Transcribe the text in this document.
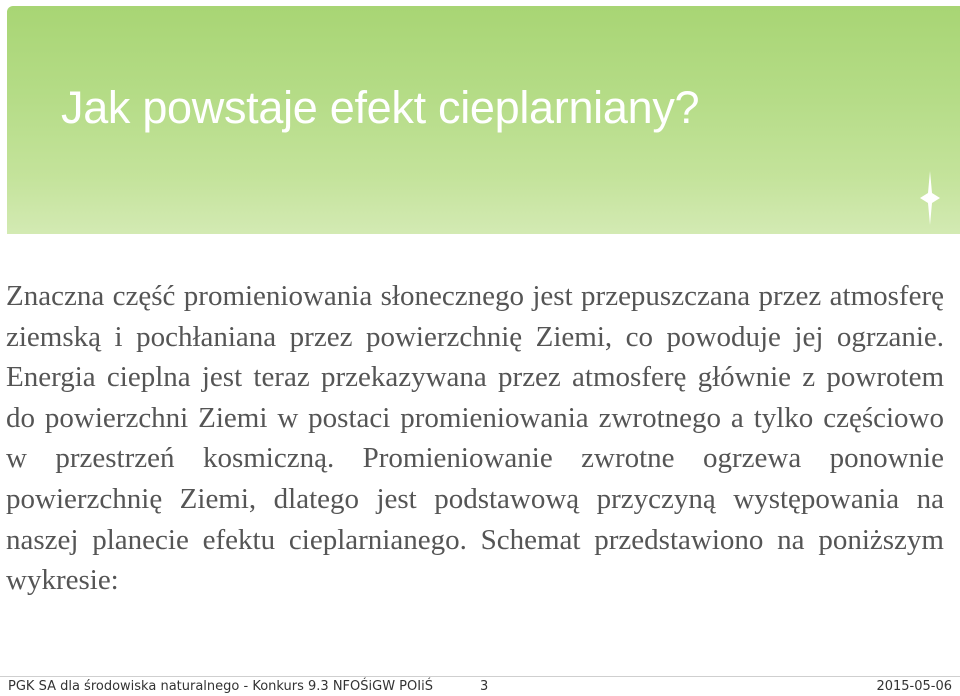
Jak powstaje efekt cieplarniany?

Znaczna część promieniowania słonecznego jest przepuszczana przez atmosferę ziemską i pochłaniana przez powierzchnię Ziemi, co powoduje jej ogrzanie. Energia cieplna jest teraz przekazywana przez atmosferę głównie z powrotem do powierzchni Ziemi w postaci promieniowania zwrotnego a tylko częściowo w przestrzeń kosmiczną. Promieniowanie zwrotne ogrzewa ponownie powierzchnię Ziemi, dlatego jest podstawową przyczyną występowania na naszej planecie efektu cieplarnianego. Schemat przedstawiono na poniższym wykresie:

PGK SA dla środowiska naturalnego - Konkurs 9.3 NFOŚiGW POIiŚ	3	2015-05-06
